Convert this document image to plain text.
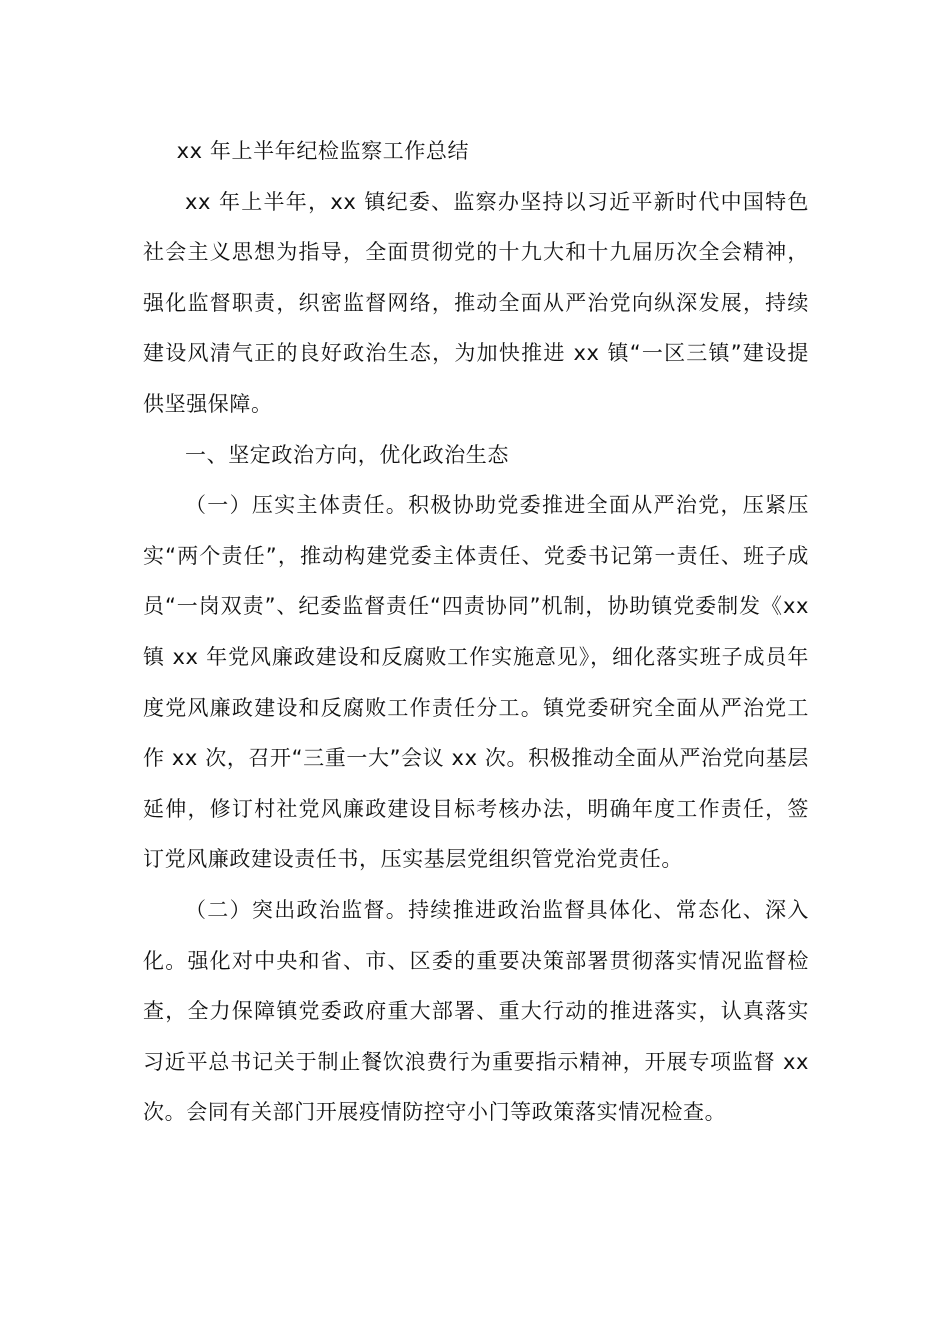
xx 年上半年纪检监察工作总结

xx 年上半年，xx 镇纪委、监察办坚持以习近平新时代中国特色社会主义思想为指导，全面贯彻党的十九大和十九届历次全会精神，强化监督职责，织密监督网络，推动全面从严治党向纵深发展，持续建设风清气正的良好政治生态，为加快推进 xx 镇“一区三镇”建设提供坚强保障。

一、坚定政治方向，优化政治生态

（一）压实主体责任。积极协助党委推进全面从严治党，压紧压实“两个责任”，推动构建党委主体责任、党委书记第一责任、班子成员“一岗双责”、纪委监督责任“四责协同”机制，协助镇党委制发《xx 镇 xx 年党风廉政建设和反腐败工作实施意见》，细化落实班子成员年度党风廉政建设和反腐败工作责任分工。镇党委研究全面从严治党工作 xx 次，召开“三重一大”会议 xx 次。积极推动全面从严治党向基层延伸，修订村社党风廉政建设目标考核办法，明确年度工作责任，签订党风廉政建设责任书，压实基层党组织管党治党责任。

（二）突出政治监督。持续推进政治监督具体化、常态化、深入化。强化对中央和省、市、区委的重要决策部署贯彻落实情况监督检查，全力保障镇党委政府重大部署、重大行动的推进落实，认真落实习近平总书记关于制止餐饮浪费行为重要指示精神，开展专项监督 xx 次。会同有关部门开展疫情防控守小门等政策落实情况检查。
